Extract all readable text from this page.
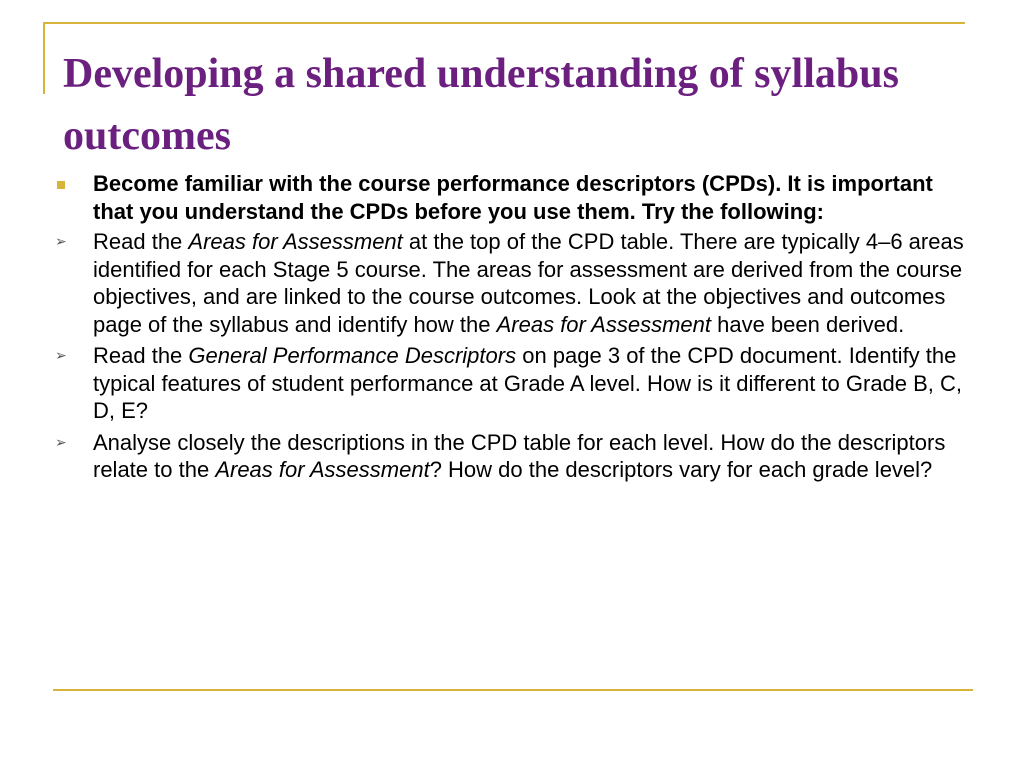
Developing a shared understanding of syllabus outcomes
Become familiar with the course performance descriptors (CPDs). It is important that you understand the CPDs before you use them. Try the following:
➢ Read the Areas for Assessment at the top of the CPD table. There are typically 4–6 areas identified for each Stage 5 course. The areas for assessment are derived from the course objectives, and are linked to the course outcomes. Look at the objectives and outcomes page of the syllabus and identify how the Areas for Assessment have been derived.
➢ Read the General Performance Descriptors on page 3 of the CPD document. Identify the typical features of student performance at Grade A level. How is it different to Grade B, C, D, E?
➢ Analyse closely the descriptions in the CPD table for each level. How do the descriptors relate to the Areas for Assessment? How do the descriptors vary for each grade level?
